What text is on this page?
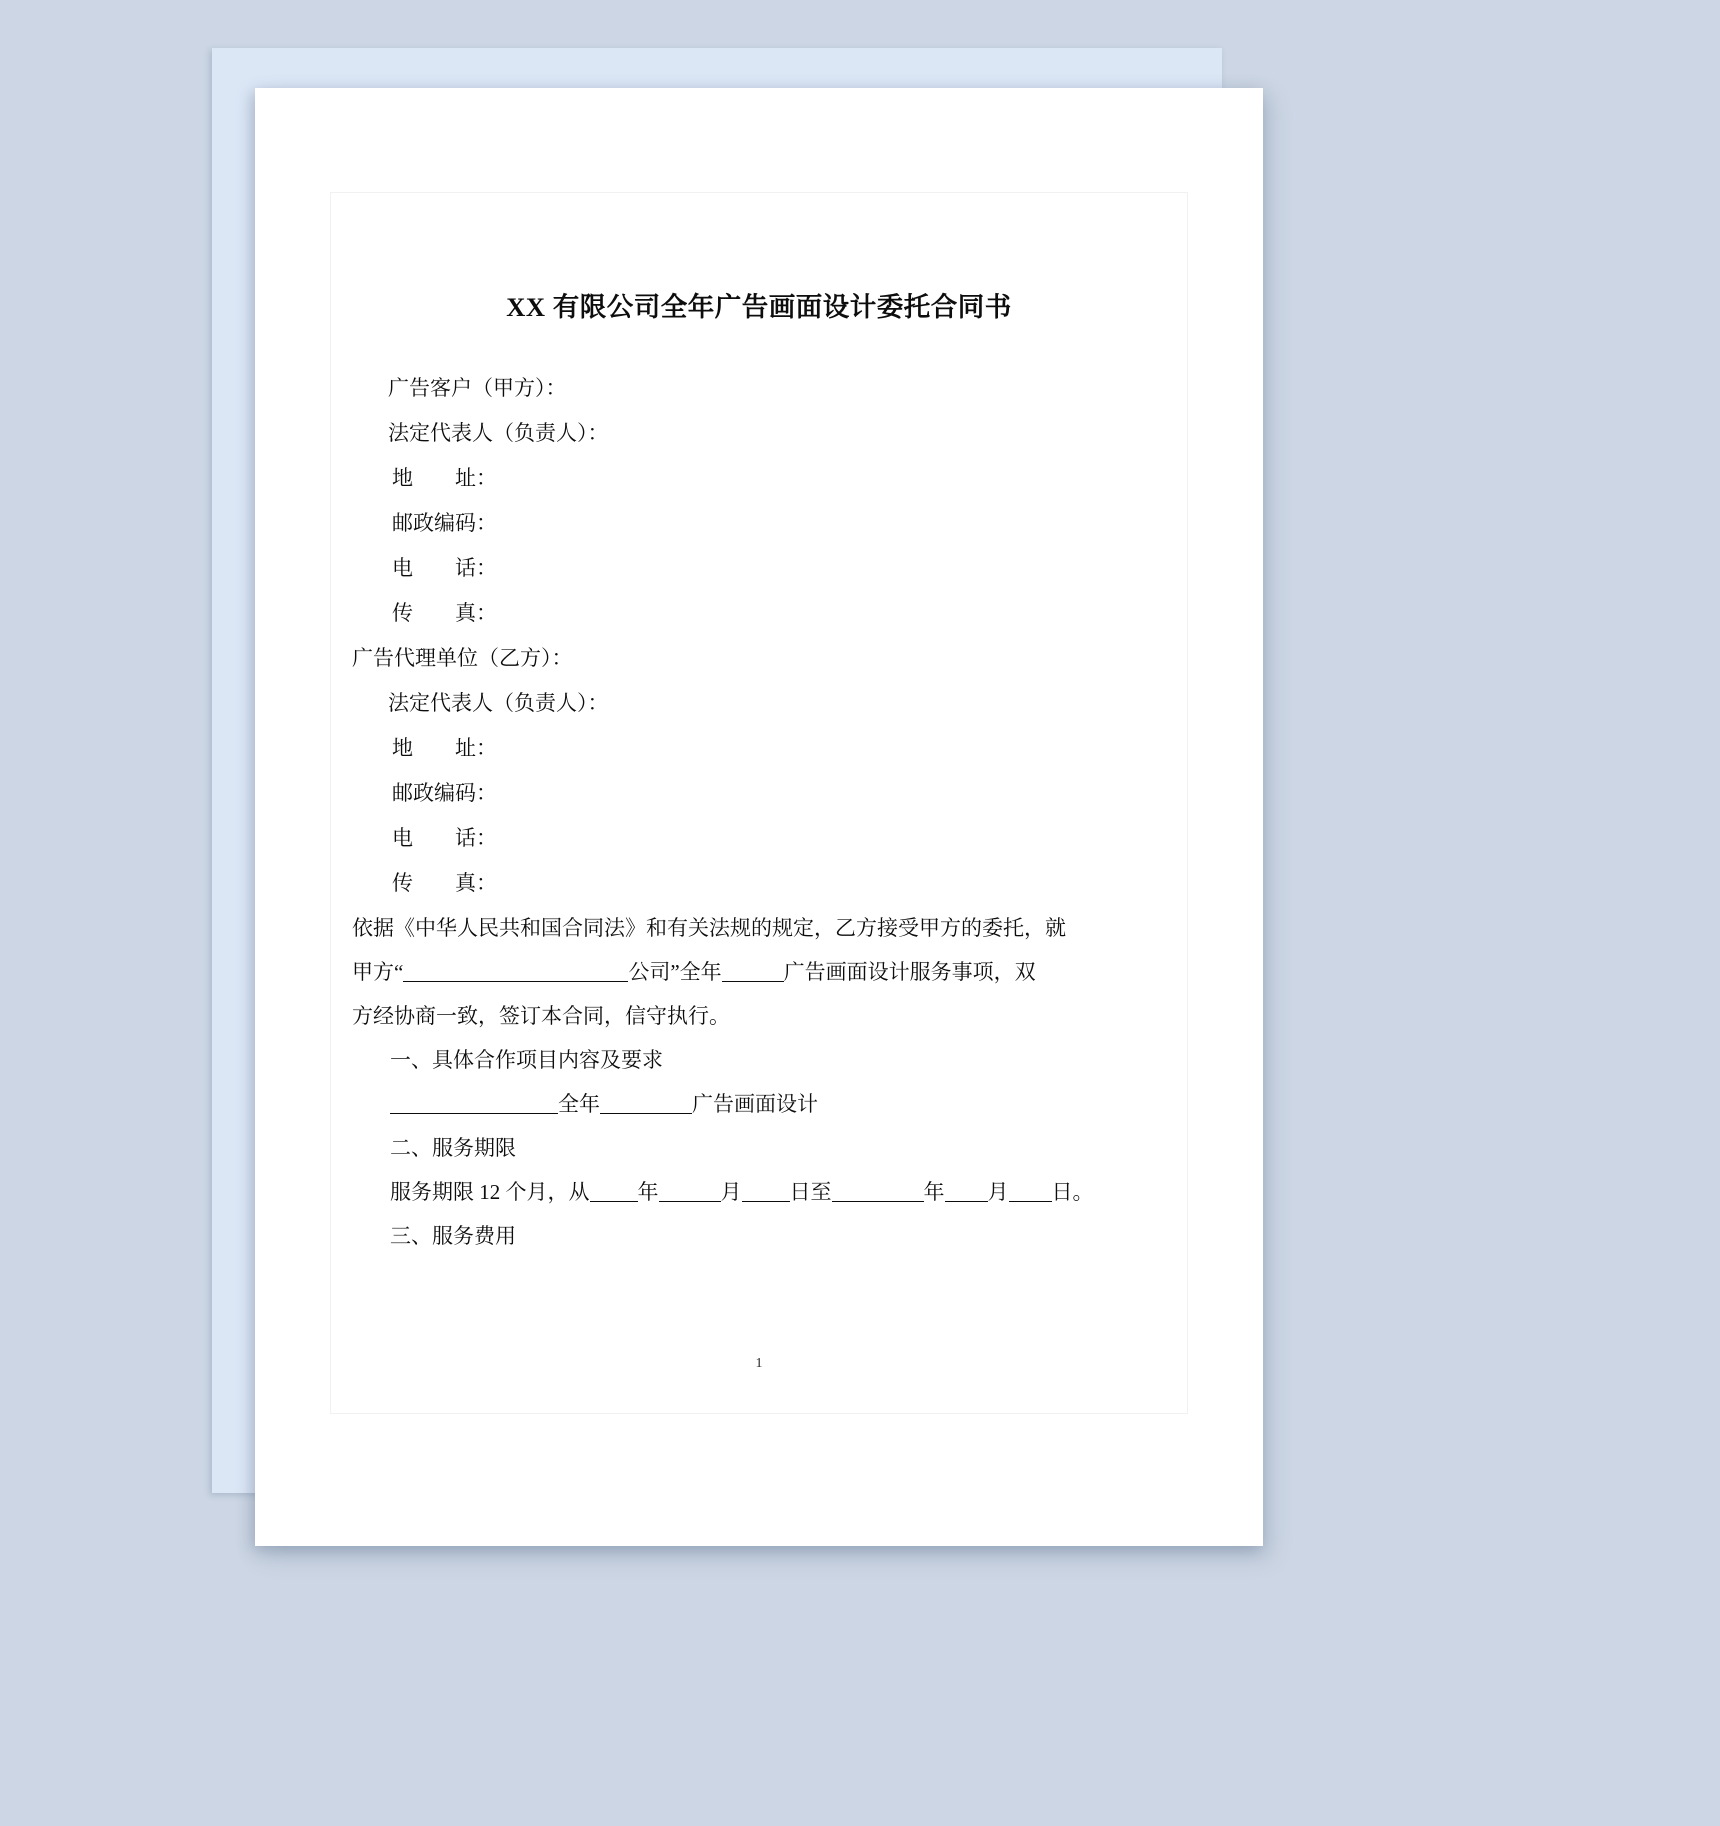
XX 有限公司全年广告画面设计委托合同书

广告客户（甲方）：

法定代表人（负责人）：

地　　址：

邮政编码：

电　　话：

传　　真：

广告代理单位（乙方）：

法定代表人（负责人）：

地　　址：

邮政编码：

电　　话：

传　　真：

依据《中华人民共和国合同法》和有关法规的规定，乙方接受甲方的委托，就

甲方“	公司”全年	广告画面设计服务事项，双

方经协商一致，签订本合同，信守执行。

一、具体合作项目内容及要求

全年	广告画面设计

二、服务期限

服务期限 12 个月，从 年	月 日至	年 月 日。

三、服务费用

1
